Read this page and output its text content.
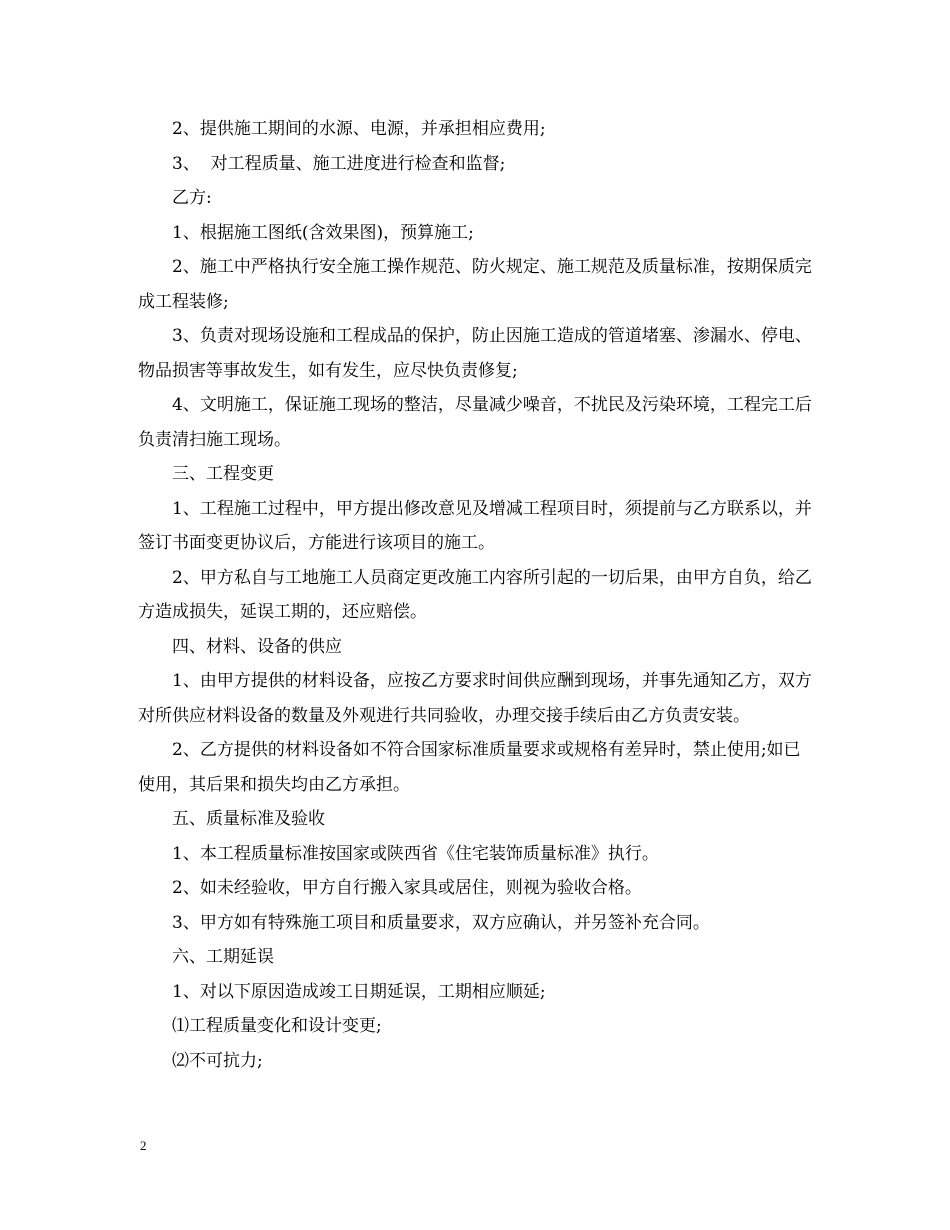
2、提供施工期间的水源、电源，并承担相应费用;

3、  对工程质量、施工进度进行检查和监督;

乙方:

1、根据施工图纸(含效果图)，预算施工;

2、施工中严格执行安全施工操作规范、防火规定、施工规范及质量标准，按期保质完成工程装修;

3、负责对现场设施和工程成品的保护，防止因施工造成的管道堵塞、渗漏水、停电、物品损害等事故发生，如有发生，应尽快负责修复;

4、文明施工，保证施工现场的整洁，尽量减少噪音，不扰民及污染环境，工程完工后负责清扫施工现场。

三、工程变更

1、工程施工过程中，甲方提出修改意见及增减工程项目时，须提前与乙方联系以，并签订书面变更协议后，方能进行该项目的施工。

2、甲方私自与工地施工人员商定更改施工内容所引起的一切后果，由甲方自负，给乙方造成损失，延误工期的，还应赔偿。

四、材料、设备的供应

1、由甲方提供的材料设备，应按乙方要求时间供应酬到现场，并事先通知乙方，双方对所供应材料设备的数量及外观进行共同验收，办理交接手续后由乙方负责安装。

2、乙方提供的材料设备如不符合国家标准质量要求或规格有差异时，禁止使用;如已使用，其后果和损失均由乙方承担。

五、质量标准及验收

1、本工程质量标准按国家或陕西省《住宅装饰质量标准》执行。

2、如未经验收，甲方自行搬入家具或居住，则视为验收合格。

3、甲方如有特殊施工项目和质量要求，双方应确认，并另签补充合同。

六、工期延误

1、对以下原因造成竣工日期延误，工期相应顺延;

⑴工程质量变化和设计变更;

⑵不可抗力;

2
